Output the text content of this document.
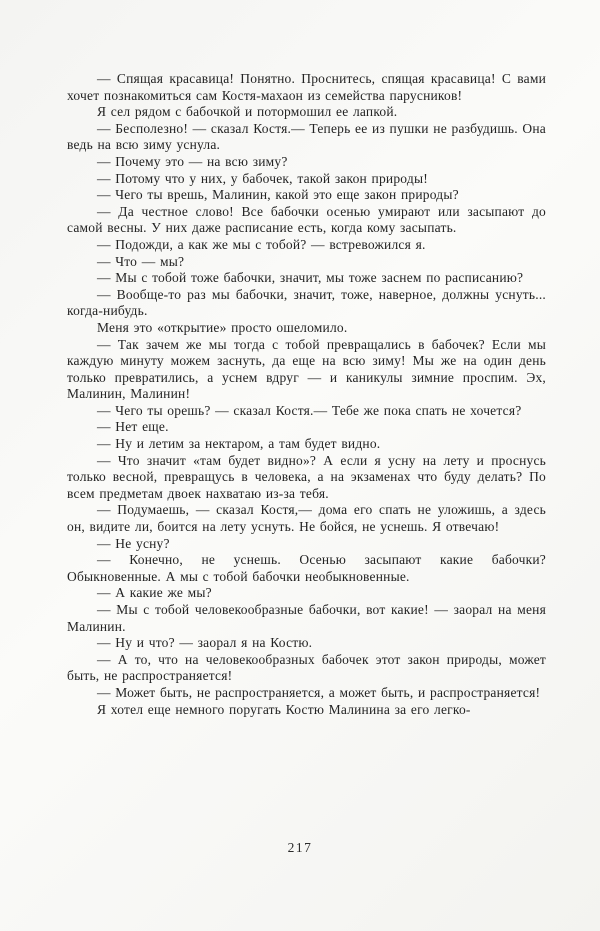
— Спящая красавица! Понятно. Проснитесь, спящая красавица! С вами хочет познакомиться сам Костя-махаон из семейства парусников!

Я сел рядом с бабочкой и потормошил ее лапкой.

— Бесполезно! — сказал Костя.— Теперь ее из пушки не разбудишь. Она ведь на всю зиму уснула.

— Почему это — на всю зиму?

— Потому что у них, у бабочек, такой закон природы!

— Чего ты врешь, Малинин, какой это еще закон природы?

— Да честное слово! Все бабочки осенью умирают или засыпают до самой весны. У них даже расписание есть, когда кому засыпать.

— Подожди, а как же мы с тобой? — встревожился я.

— Что — мы?

— Мы с тобой тоже бабочки, значит, мы тоже заснем по расписанию?

— Вообще-то раз мы бабочки, значит, тоже, наверное, должны уснуть... когда-нибудь.

Меня это «открытие» просто ошеломило.

— Так зачем же мы тогда с тобой превращались в бабочек? Если мы каждую минуту можем заснуть, да еще на всю зиму! Мы же на один день только превратились, а уснем вдруг — и каникулы зимние проспим. Эх, Малинин, Малинин!

— Чего ты орешь? — сказал Костя.— Тебе же пока спать не хочется?

— Нет еще.

— Ну и летим за нектаром, а там будет видно.

— Что значит «там будет видно»? А если я усну на лету и проснусь только весной, превращусь в человека, а на экзаменах что буду делать? По всем предметам двоек нахватаю из-за тебя.

— Подумаешь, — сказал Костя,— дома его спать не уложишь, а здесь он, видите ли, боится на лету уснуть. Не бойся, не уснешь. Я отвечаю!

— Не усну?

— Конечно, не уснешь. Осенью засыпают какие бабочки? Обыкновенные. А мы с тобой бабочки необыкновенные.

— А какие же мы?

— Мы с тобой человекообразные бабочки, вот какие! — заорал на меня Малинин.

— Ну и что? — заорал я на Костю.

— А то, что на человекообразных бабочек этот закон природы, может быть, не распространяется!

— Может быть, не распространяется, а может быть, и распространяется!

Я хотел еще немного поругать Костю Малинина за его легко-

217
